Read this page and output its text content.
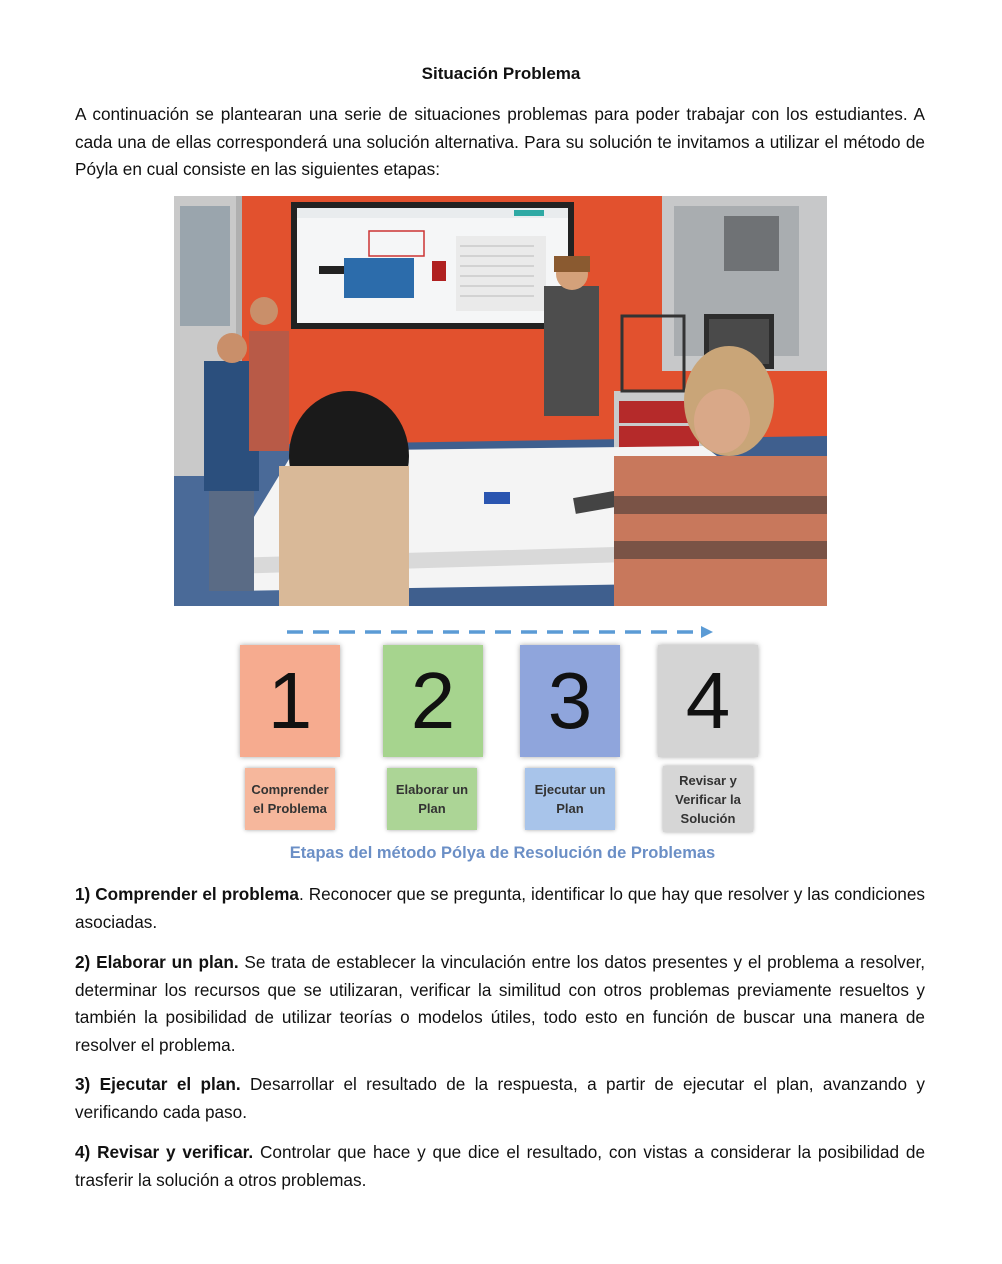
Situación Problema

A continuación se plantearan una serie de situaciones problemas para poder trabajar con los estudiantes. A cada una de ellas corresponderá una solución alternativa. Para su solución te invitamos a utilizar el método de Póyla en cual consiste en las siguientes etapas:

1	2	3	4
Comprender el Problema
Elaborar un Plan
Ejecutar un Plan
Revisar y Verificar la Solución
Etapas del método Pólya de Resolución de Problemas

1) Comprender el problema. Reconocer que se pregunta, identificar lo que hay que resolver y las condiciones asociadas.

2) Elaborar un plan. Se trata de establecer la vinculación entre los datos presentes y el problema a resolver, determinar los recursos que se utilizaran, verificar la similitud con otros problemas previamente resueltos y también la posibilidad de utilizar teorías o modelos útiles, todo esto en función de buscar una manera de resolver el problema.

3) Ejecutar el plan. Desarrollar el resultado de la respuesta, a partir de ejecutar el plan, avanzando y verificando cada paso.

4) Revisar y verificar. Controlar que hace y que dice el resultado, con vistas a considerar la posibilidad de trasferir la solución a otros problemas.
